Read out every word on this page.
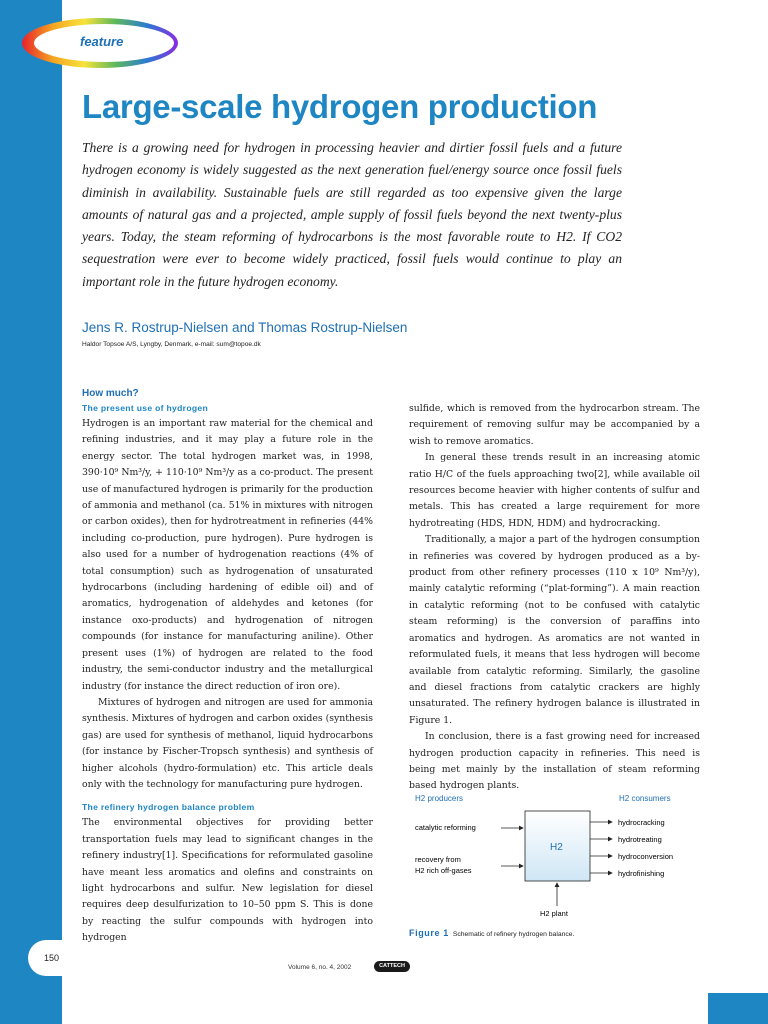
feature
Large-scale hydrogen production

There is a growing need for hydrogen in processing heavier and dirtier fossil fuels and a future hydrogen economy is widely suggested as the next generation fuel/energy source once fossil fuels diminish in availability. Sustainable fuels are still regarded as too expensive given the large amounts of natural gas and a projected, ample supply of fossil fuels beyond the next twenty-plus years. Today, the steam reforming of hydrocarbons is the most favorable route to H2. If CO2 sequestration were ever to become widely practiced, fossil fuels would continue to play an important role in the future hydrogen economy.

Jens R. Rostrup-Nielsen and Thomas Rostrup-Nielsen
Haldor Topsoe A/S, Lyngby, Denmark, e-mail: sum@topoe.dk
How much?
The present use of hydrogen

Hydrogen is an important raw material for the chemical and refining industries, and it may play a future role in the energy sector. The total hydrogen market was, in 1998, 390·10⁹ Nm³/y, + 110·10⁹ Nm³/y as a co-product. The present use of manufactured hydrogen is primarily for the production of ammonia and methanol (ca. 51% in mixtures with nitrogen or carbon oxides), then for hydrotreatment in refineries (44% including co-production, pure hydrogen). Pure hydrogen is also used for a number of hydrogenation reactions (4% of total consumption) such as hydrogenation of unsaturated hydrocarbons (including hardening of edible oil) and of aromatics, hydrogenation of aldehydes and ketones (for instance oxo-products) and hydrogenation of nitrogen compounds (for instance for manufacturing aniline). Other present uses (1%) of hydrogen are related to the food industry, the semi-conductor industry and the metallurgical industry (for instance the direct reduction of iron ore).

Mixtures of hydrogen and nitrogen are used for ammonia synthesis. Mixtures of hydrogen and carbon oxides (synthesis gas) are used for synthesis of methanol, liquid hydrocarbons (for instance by Fischer-Tropsch synthesis) and synthesis of higher alcohols (hydro-formulation) etc. This article deals only with the technology for manufacturing pure hydrogen.

The refinery hydrogen balance problem

The environmental objectives for providing better transportation fuels may lead to significant changes in the refinery industry[1]. Specifications for reformulated gasoline have meant less aromatics and olefins and constraints on light hydrocarbons and sulfur. New legislation for diesel requires deep desulfurization to 10–50 ppm S. This is done by reacting the sulfur compounds with hydrogen into hydrogen

sulfide, which is removed from the hydrocarbon stream. The requirement of removing sulfur may be accompanied by a wish to remove aromatics.

In general these trends result in an increasing atomic ratio H/C of the fuels approaching two[2], while available oil resources become heavier with higher contents of sulfur and metals. This has created a large requirement for more hydrotreating (HDS, HDN, HDM) and hydrocracking.

Traditionally, a major a part of the hydrogen consumption in refineries was covered by hydrogen produced as a by-product from other refinery processes (110 x 10⁹ Nm³/y), mainly catalytic reforming (“plat-forming”). A main reaction in catalytic reforming (not to be confused with catalytic steam reforming) is the conversion of paraffins into aromatics and hydrogen. As aromatics are not wanted in reformulated fuels, it means that less hydrogen will become available from catalytic reforming. Similarly, the gasoline and diesel fractions from catalytic crackers are highly unsaturated. The refinery hydrogen balance is illustrated in Figure 1.

In conclusion, there is a fast growing need for increased hydrogen production capacity in refineries. This need is being met mainly by the installation of steam reforming based hydrogen plants.

H2 producers	H2 consumers
H2
catalytic reforming
recovery from
H2 rich off-gases
hydrocracking
hydrotreating
hydroconversion
hydrofinishing
H2 plant
Figure 1 Schematic of refinery hydrogen balance.
150
Volume 6, no. 4, 2002	CATTECH
